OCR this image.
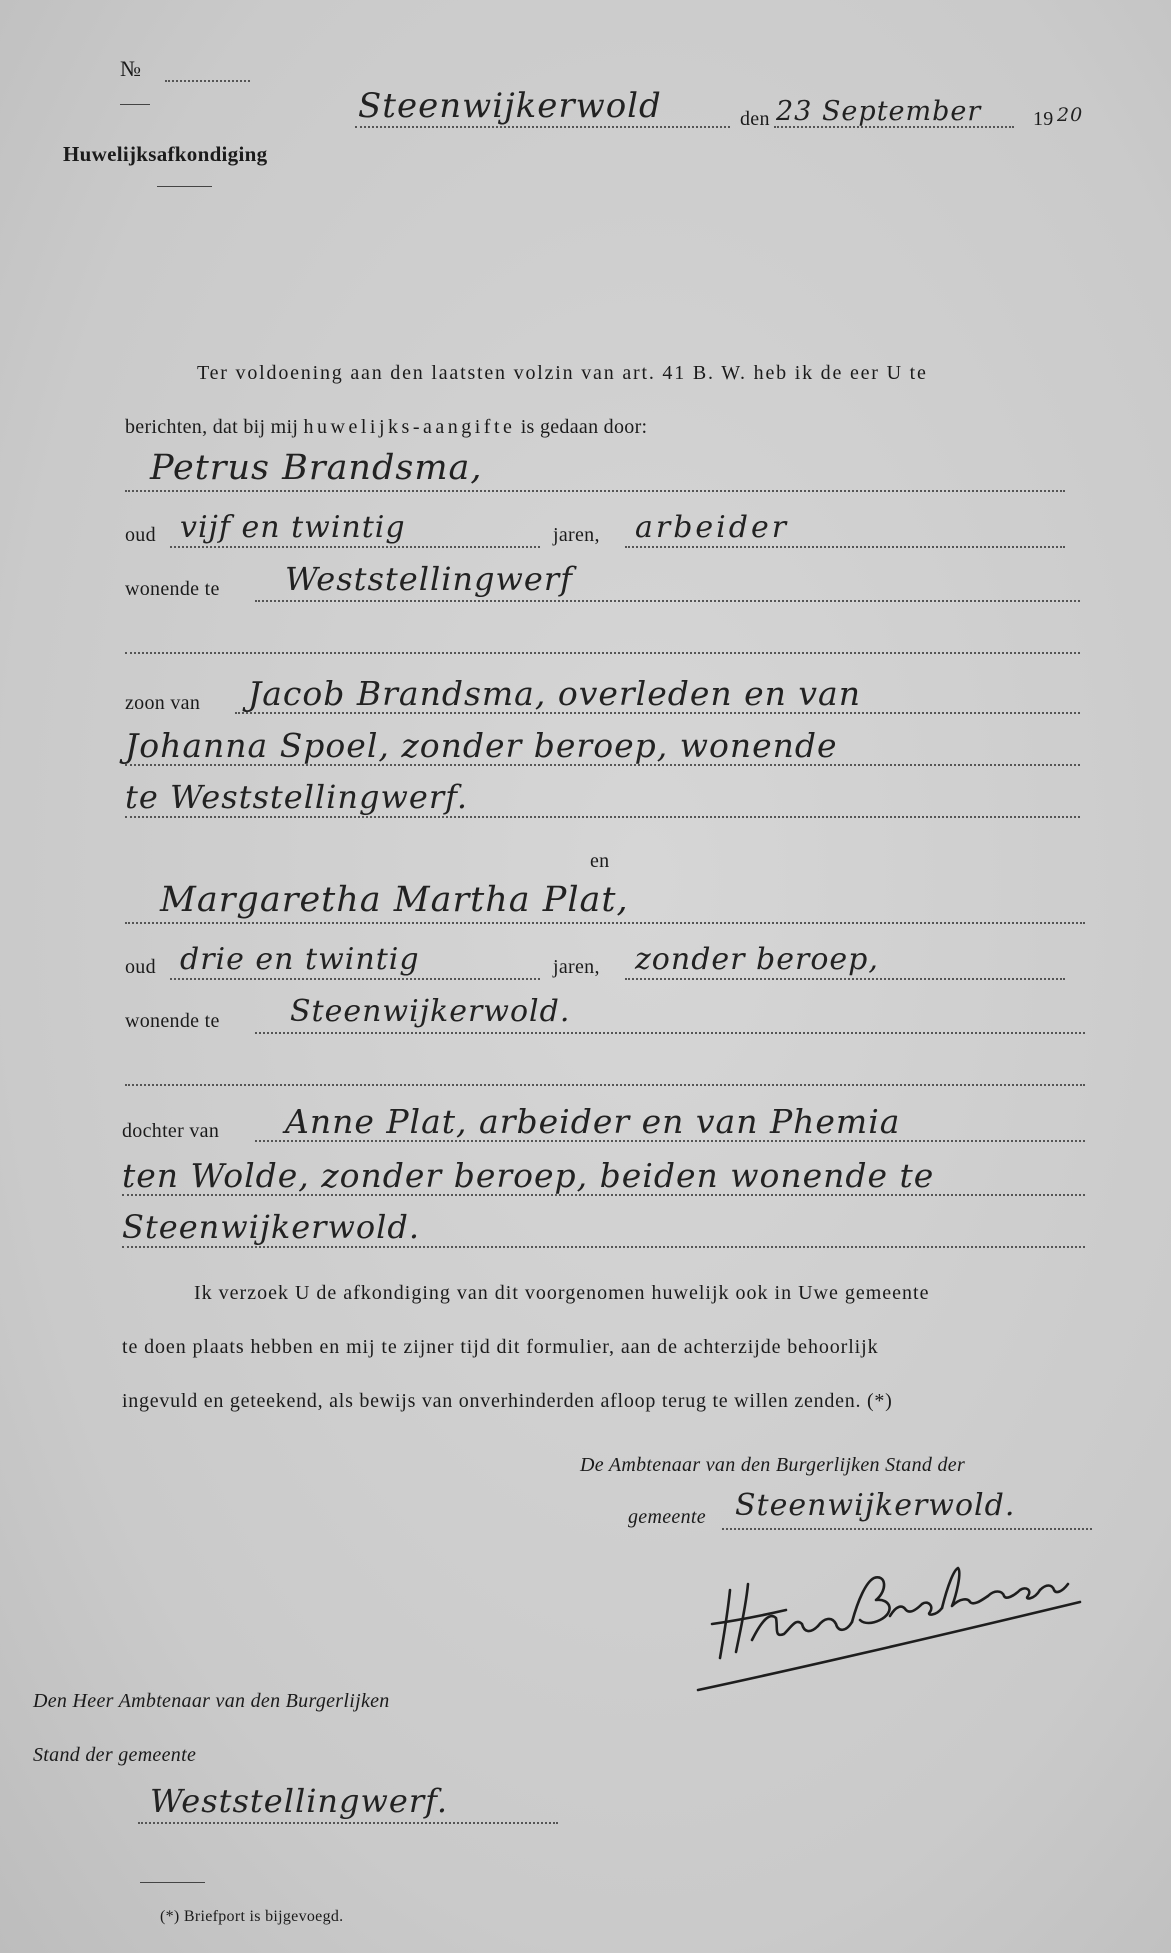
№
Huwelijksafkondiging
Steenwijkerwold	den 23 September	19 20
Ter voldoening aan den laatsten volzin van art. 41 B. W. heb ik de eer U te
berichten, dat bij mij huwelijks-aangifte is gedaan door:
Petrus Brandsma,
oud vijf en twintig	jaren, arbeider
wonende te Weststellingwerf
zoon van Jacob Brandsma, overleden en van
Johanna Spoel, zonder beroep, wonende
te Weststellingwerf.
en
Margaretha Martha Plat,
oud drie en twintig	jaren, zonder beroep,
wonende te Steenwijkerwold.
dochter van Anne Plat, arbeider en van Phemia
ten Wolde, zonder beroep, beiden wonende te
Steenwijkerwold.
Ik verzoek U de afkondiging van dit voorgenomen huwelijk ook in Uwe gemeente
te doen plaats hebben en mij te zijner tijd dit formulier, aan de achterzijde behoorlijk
ingevuld en geteekend, als bewijs van onverhinderden afloop terug te willen zenden. (*)
De Ambtenaar van den Burgerlijken Stand der
gemeente Steenwijkerwold.
Den Heer Ambtenaar van den Burgerlijken
Stand der gemeente
Weststellingwerf.
(*) Briefport is bijgevoegd.
